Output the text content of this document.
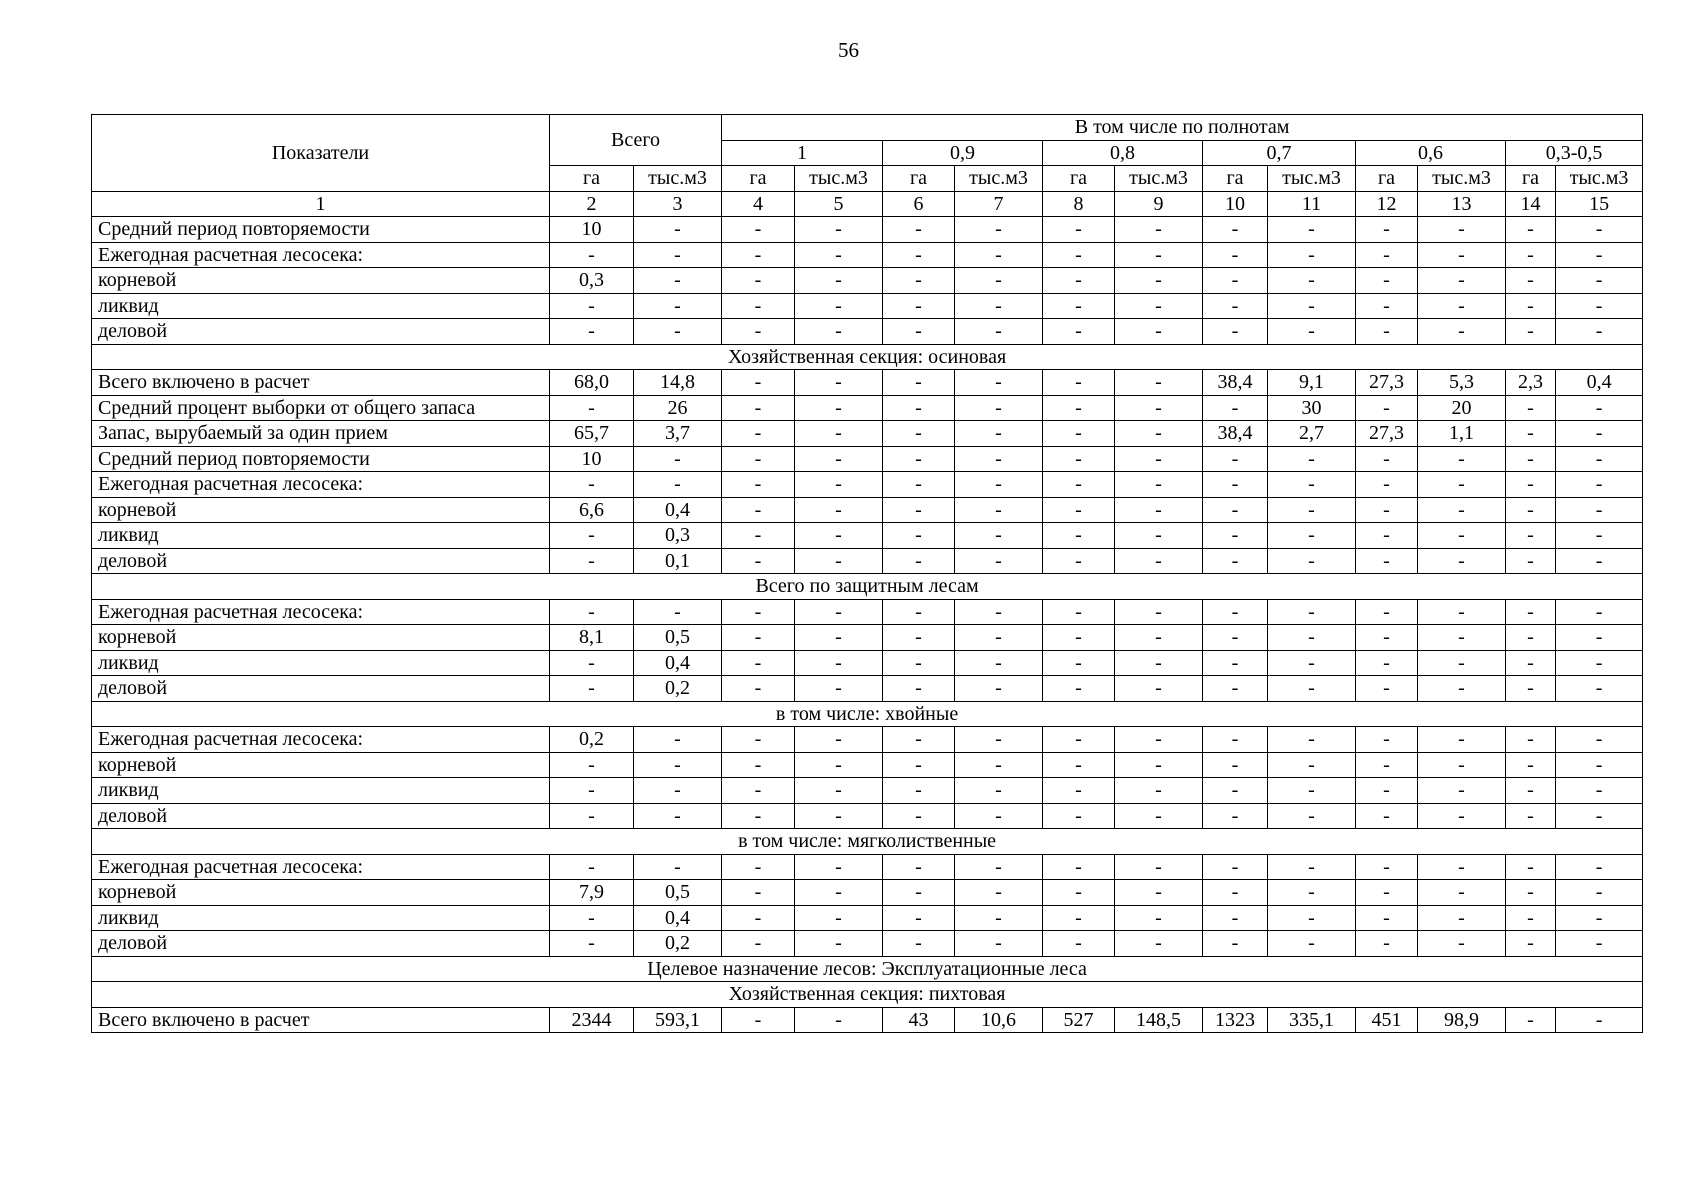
56
Показатели	Всего		В том числе по полнотам											
			1		0,9		0,8		0,7		0,6		0,3-0,5	
	га	тыс.м3	га	тыс.м3	га	тыс.м3	га	тыс.м3	га	тыс.м3	га	тыс.м3	га	тыс.м3
1	2	3	4	5	6	7	8	9	10	11	12	13	14	15
Средний период повторяемости	10	-	-	-	-	-	-	-	-	-	-	-	-	-
Ежегодная расчетная лесосека:	-	-	-	-	-	-	-	-	-	-	-	-	-	-
корневой	0,3	-	-	-	-	-	-	-	-	-	-	-	-	-
ликвид	-	-	-	-	-	-	-	-	-	-	-	-	-	-
деловой	-	-	-	-	-	-	-	-	-	-	-	-	-	-
Хозяйственная секция: осиновая														
Всего включено в расчет	68,0	14,8	-	-	-	-	-	-	38,4	9,1	27,3	5,3	2,3	0,4
Средний процент выборки от общего запаса	-	26	-	-	-	-	-	-	-	30	-	20	-	-
Запас, вырубаемый за один прием	65,7	3,7	-	-	-	-	-	-	38,4	2,7	27,3	1,1	-	-
Средний период повторяемости	10	-	-	-	-	-	-	-	-	-	-	-	-	-
Ежегодная расчетная лесосека:	-	-	-	-	-	-	-	-	-	-	-	-	-	-
корневой	6,6	0,4	-	-	-	-	-	-	-	-	-	-	-	-
ликвид	-	0,3	-	-	-	-	-	-	-	-	-	-	-	-
деловой	-	0,1	-	-	-	-	-	-	-	-	-	-	-	-
Всего по защитным лесам														
Ежегодная расчетная лесосека:	-	-	-	-	-	-	-	-	-	-	-	-	-	-
корневой	8,1	0,5	-	-	-	-	-	-	-	-	-	-	-	-
ликвид	-	0,4	-	-	-	-	-	-	-	-	-	-	-	-
деловой	-	0,2	-	-	-	-	-	-	-	-	-	-	-	-
в том числе: хвойные														
Ежегодная расчетная лесосека:	0,2	-	-	-	-	-	-	-	-	-	-	-	-	-
корневой	-	-	-	-	-	-	-	-	-	-	-	-	-	-
ликвид	-	-	-	-	-	-	-	-	-	-	-	-	-	-
деловой	-	-	-	-	-	-	-	-	-	-	-	-	-	-
в том числе: мягколиственные														
Ежегодная расчетная лесосека:	-	-	-	-	-	-	-	-	-	-	-	-	-	-
корневой	7,9	0,5	-	-	-	-	-	-	-	-	-	-	-	-
ликвид	-	0,4	-	-	-	-	-	-	-	-	-	-	-	-
деловой	-	0,2	-	-	-	-	-	-	-	-	-	-	-	-
Целевое назначение лесов: Эксплуатационные леса														
Хозяйственная секция: пихтовая														
Всего включено в расчет	2344	593,1	-	-	43	10,6	527	148,5	1323	335,1	451	98,9	-	-
